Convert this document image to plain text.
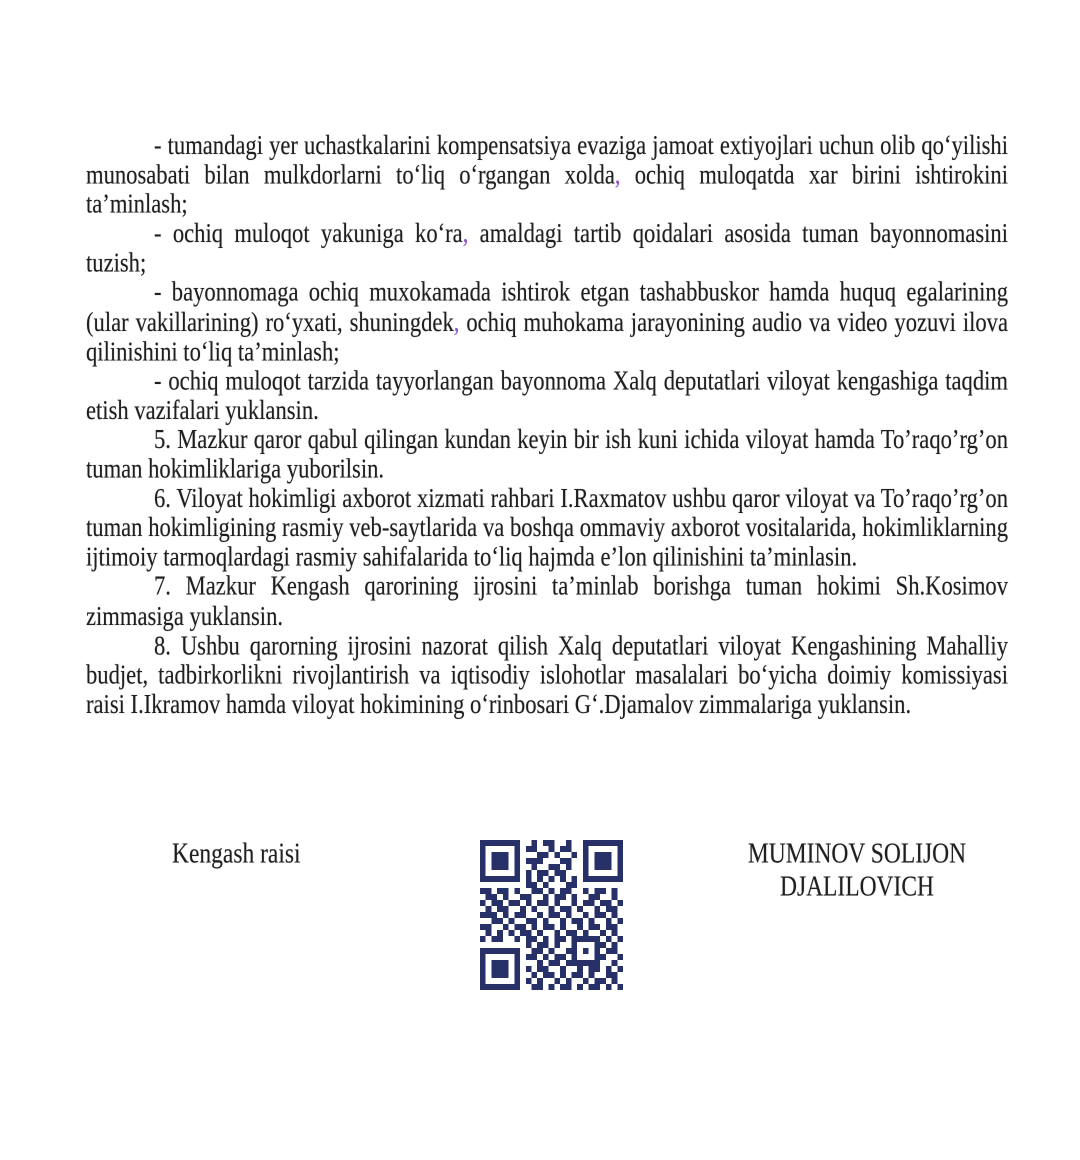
- tumandagi yer uchastkalarini kompensatsiya evaziga jamoat extiyojlari uchun olib qo‘yilishi munosabati bilan mulkdorlarni to‘liq o‘rgangan xolda, ochiq muloqatda xar birini ishtirokini ta’minlash;

- ochiq muloqot yakuniga ko‘ra, amaldagi tartib qoidalari asosida tuman bayonnomasini tuzish;

- bayonnomaga ochiq muxokamada ishtirok etgan tashabbuskor hamda huquq egalarining (ular vakillarining) ro‘yxati, shuningdek, ochiq muhokama jarayonining audio va video yozuvi ilova qilinishini to‘liq ta’minlash;

- ochiq muloqot tarzida tayyorlangan bayonnoma Xalq deputatlari viloyat kengashiga taqdim etish vazifalari yuklansin.

5. Mazkur qaror qabul qilingan kundan keyin bir ish kuni ichida viloyat hamda To’raqo’rg’on tuman hokimliklariga yuborilsin.

6. Viloyat hokimligi axborot xizmati rahbari I.Raxmatov ushbu qaror viloyat va To’raqo’rg’on tuman hokimligining rasmiy veb-saytlarida va boshqa ommaviy axborot vositalarida, hokimliklarning ijtimoiy tarmoqlardagi rasmiy sahifalarida to‘liq hajmda e’lon qilinishini ta’minlasin.

7. Mazkur Kengash qarorining ijrosini ta’minlab borishga tuman hokimi Sh.Kosimov zimmasiga yuklansin.

8. Ushbu qarorning ijrosini nazorat qilish Xalq deputatlari viloyat Kengashining Mahalliy budjet, tadbirkorlikni rivojlantirish va iqtisodiy islohotlar masalalari bo‘yicha doimiy komissiyasi raisi I.Ikramov hamda viloyat hokimining o‘rinbosari G‘.Djamalov zimmalariga yuklansin.

Kengash raisi	MUMINOV SOLIJON
DJALILOVICH
